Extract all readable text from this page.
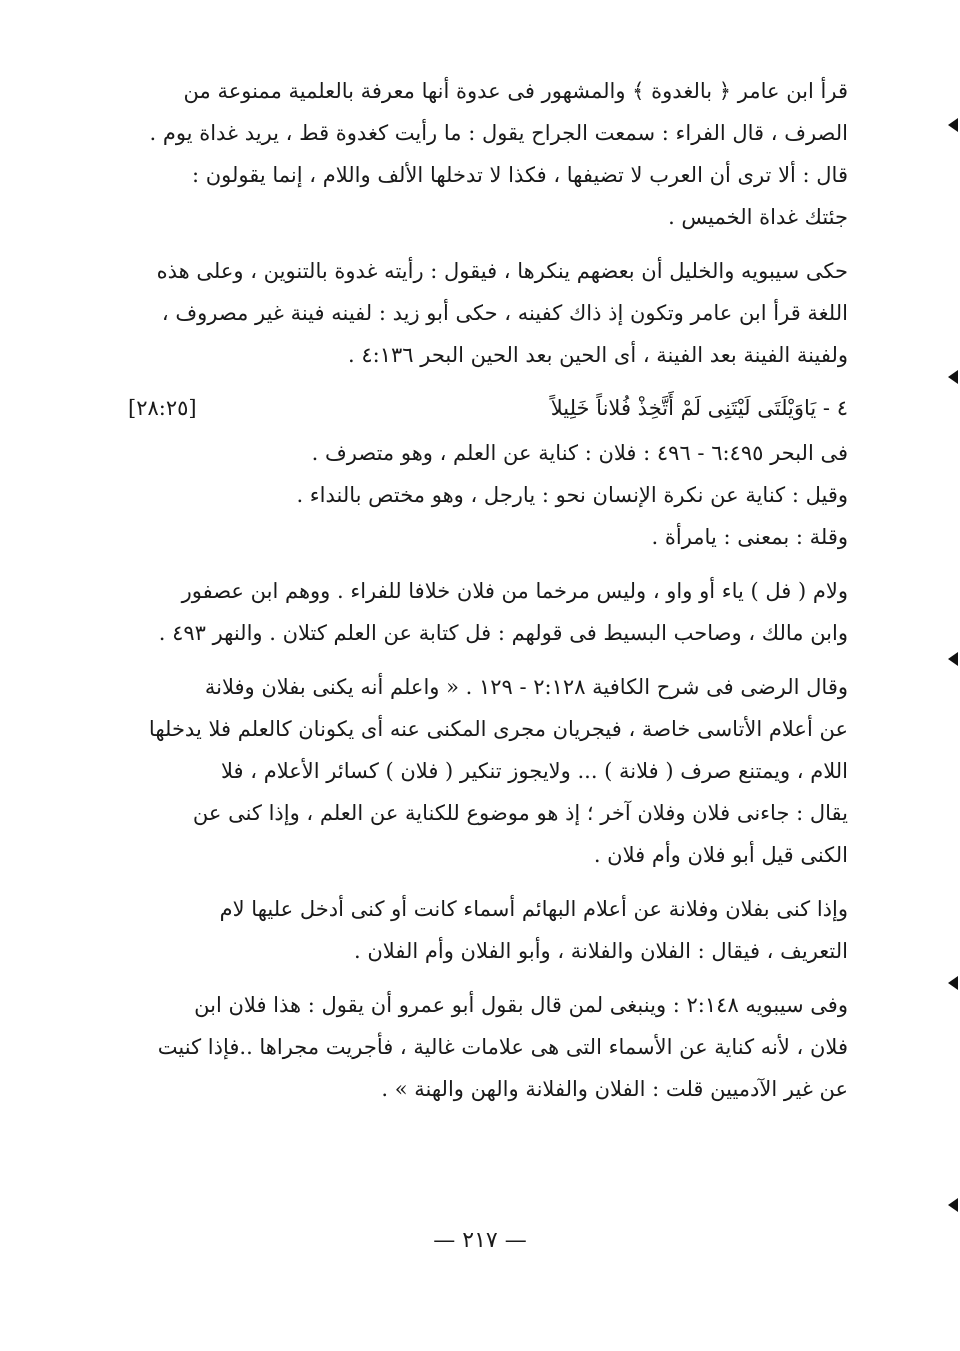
قرأ ابن عامر ﴿ بالغدوة ﴾ والمشهور فى عدوة أنها معرفة بالعلمية ممنوعة من
الصرف ، قال الفراء : سمعت الجراح يقول : ما رأيت كغدوة قط ، يريد غداة يوم .
قال : ألا ترى أن العرب لا تضيفها ، فكذا لا تدخلها الألف واللام ، إنما يقولون :
جئتك غداة الخميس .

حكى سيبويه والخليل أن بعضهم ينكرها ، فيقول : رأيته غدوة بالتنوين ، وعلى هذه
اللغة قرأ ابن عامر وتكون إذ ذاك كفينه ، حكى أبو زيد : لفينه فينة غير مصروف ،
ولفينة الفينة بعد الفينة ، أى الحين بعد الحين البحر ٤:١٣٦ .

٤ - يَاوَيْلَتَى لَيْتَنِى لَمْ أَتَّخِذْ فُلاناً خَلِيلاً
[٢٨:٢٥]

فى البحر ٦:٤٩٥ - ٤٩٦ : فلان : كناية عن العلم ، وهو متصرف .
وقيل : كناية عن نكرة الإنسان نحو : يارجل ، وهو مختص بالنداء .
وقلة : بمعنى : يامرأة .

ولام ( فل ) ياء أو واو ، وليس مرخما من فلان خلافا للفراء . ووهم ابن عصفور
وابن مالك ، وصاحب البسيط فى قولهم : فل كتابة عن العلم كتلان . والنهر ٤٩٣ .

وقال الرضى فى شرح الكافية ٢:١٢٨ - ١٢٩ . « واعلم أنه يكنى بفلان وفلانة
عن أعلام الأتاسى خاصة ، فيجريان مجرى المكنى عنه أى يكونان كالعلم فلا يدخلها
اللام ، ويمتنع صرف ( فلانة ) ... ولايجوز تنكير ( فلان ) كسائر الأعلام ، فلا
يقال : جاءنى فلان وفلان آخر ؛ إذ هو موضوع للكناية عن العلم ، وإذا كنى عن
الكنى قيل أبو فلان وأم فلان .

وإذا كنى بفلان وفلانة عن أعلام البهائم أسماء كانت أو كنى أدخل عليها لام
التعريف ، فيقال : الفلان والفلانة ، وأبو الفلان وأم الفلان .

وفى سيبويه ٢:١٤٨ : وينبغى لمن قال بقول أبو عمرو أن يقول : هذا فلان ابن
فلان ، لأنه كناية عن الأسماء التى هى علامات غالية ، فأجريت مجراها ..فإذا كنيت
عن غير الآدميين قلت : الفلان والفلانة والهن والهنة » .

— ٢١٧ —
